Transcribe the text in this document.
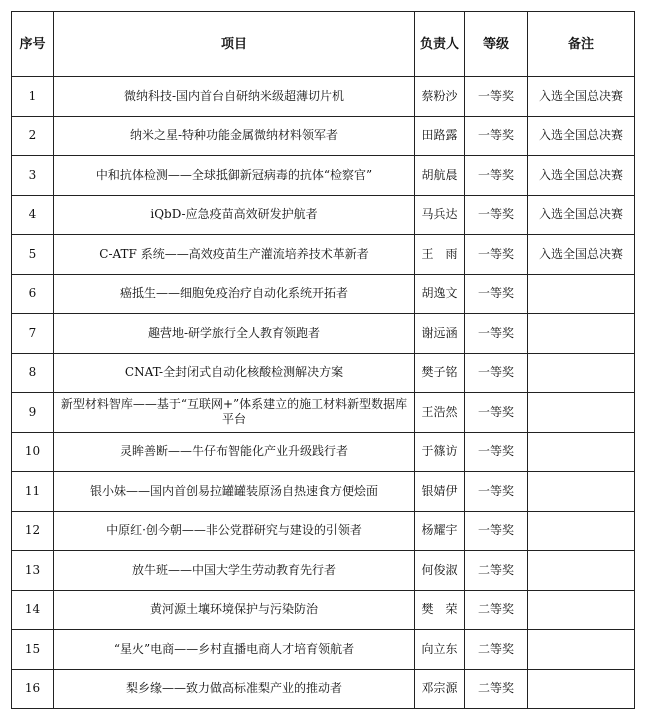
序号	项目	负责人	等级	备注
1	微纳科技-国内首台自研纳米级超薄切片机	蔡粉沙	一等奖	入选全国总决赛
2	纳米之星-特种功能金属微纳材料领军者	田路露	一等奖	入选全国总决赛
3	中和抗体检测——全球抵御新冠病毒的抗体“检察官”	胡航晨	一等奖	入选全国总决赛
4	iQbD-应急疫苗高效研发护航者	马兵达	一等奖	入选全国总决赛
5	C-ATF 系统——高效疫苗生产灌流培养技术革新者	王　雨	一等奖	入选全国总决赛
6	癌抵生——细胞免疫治疗自动化系统开拓者	胡逸文	一等奖	
7	趣营地-研学旅行全人教育领跑者	谢远涵	一等奖	
8	CNAT-全封闭式自动化核酸检测解决方案	樊子铭	一等奖	
9	新型材料智库——基于“互联网+”体系建立的施工材料新型数据库平台	王浩然	一等奖	
10	灵眸善断——牛仔布智能化产业升级践行者	于篠访	一等奖	
11	银小妹——国内首创易拉罐罐装原汤自热速食方便烩面	银婧伊	一等奖	
12	中原红·创今朝——非公党群研究与建设的引领者	杨耀宇	一等奖	
13	放牛班——中国大学生劳动教育先行者	何俊淑	二等奖	
14	黄河源土壤环境保护与污染防治	樊　荣	二等奖	
15	“星火”电商——乡村直播电商人才培育领航者	向立东	二等奖	
16	梨乡缘——致力做高标准梨产业的推动者	邓宗源	二等奖	
